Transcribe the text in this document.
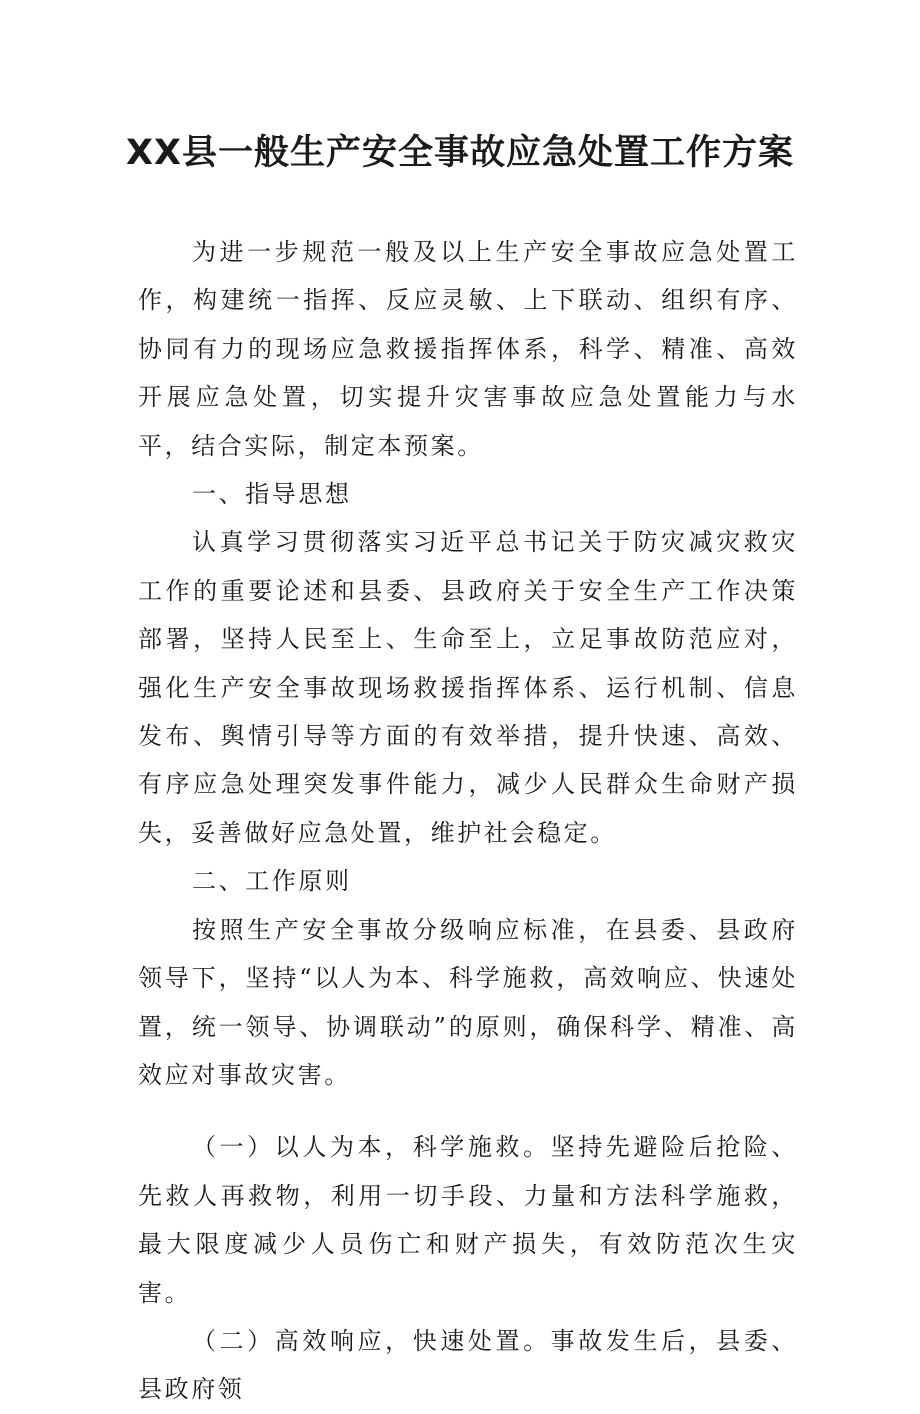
XX县一般生产安全事故应急处置工作方案

为进一步规范一般及以上生产安全事故应急处置工作，构建统一指挥、反应灵敏、上下联动、组织有序、协同有力的现场应急救援指挥体系，科学、精准、高效开展应急处置，切实提升灾害事故应急处置能力与水平，结合实际，制定本预案。

一、指导思想

认真学习贯彻落实习近平总书记关于防灾减灾救灾工作的重要论述和县委、县政府关于安全生产工作决策部署，坚持人民至上、生命至上，立足事故防范应对，强化生产安全事故现场救援指挥体系、运行机制、信息发布、舆情引导等方面的有效举措，提升快速、高效、有序应急处理突发事件能力，减少人民群众生命财产损失，妥善做好应急处置，维护社会稳定。

二、工作原则

按照生产安全事故分级响应标准，在县委、县政府领导下，坚持“以人为本、科学施救，高效响应、快速处置，统一领导、协调联动”的原则，确保科学、精准、高效应对事故灾害。

（一）以人为本，科学施救。坚持先避险后抢险、先救人再救物，利用一切手段、力量和方法科学施救，最大限度减少人员伤亡和财产损失，有效防范次生灾害。

（二）高效响应，快速处置。事故发生后，县委、县政府领
